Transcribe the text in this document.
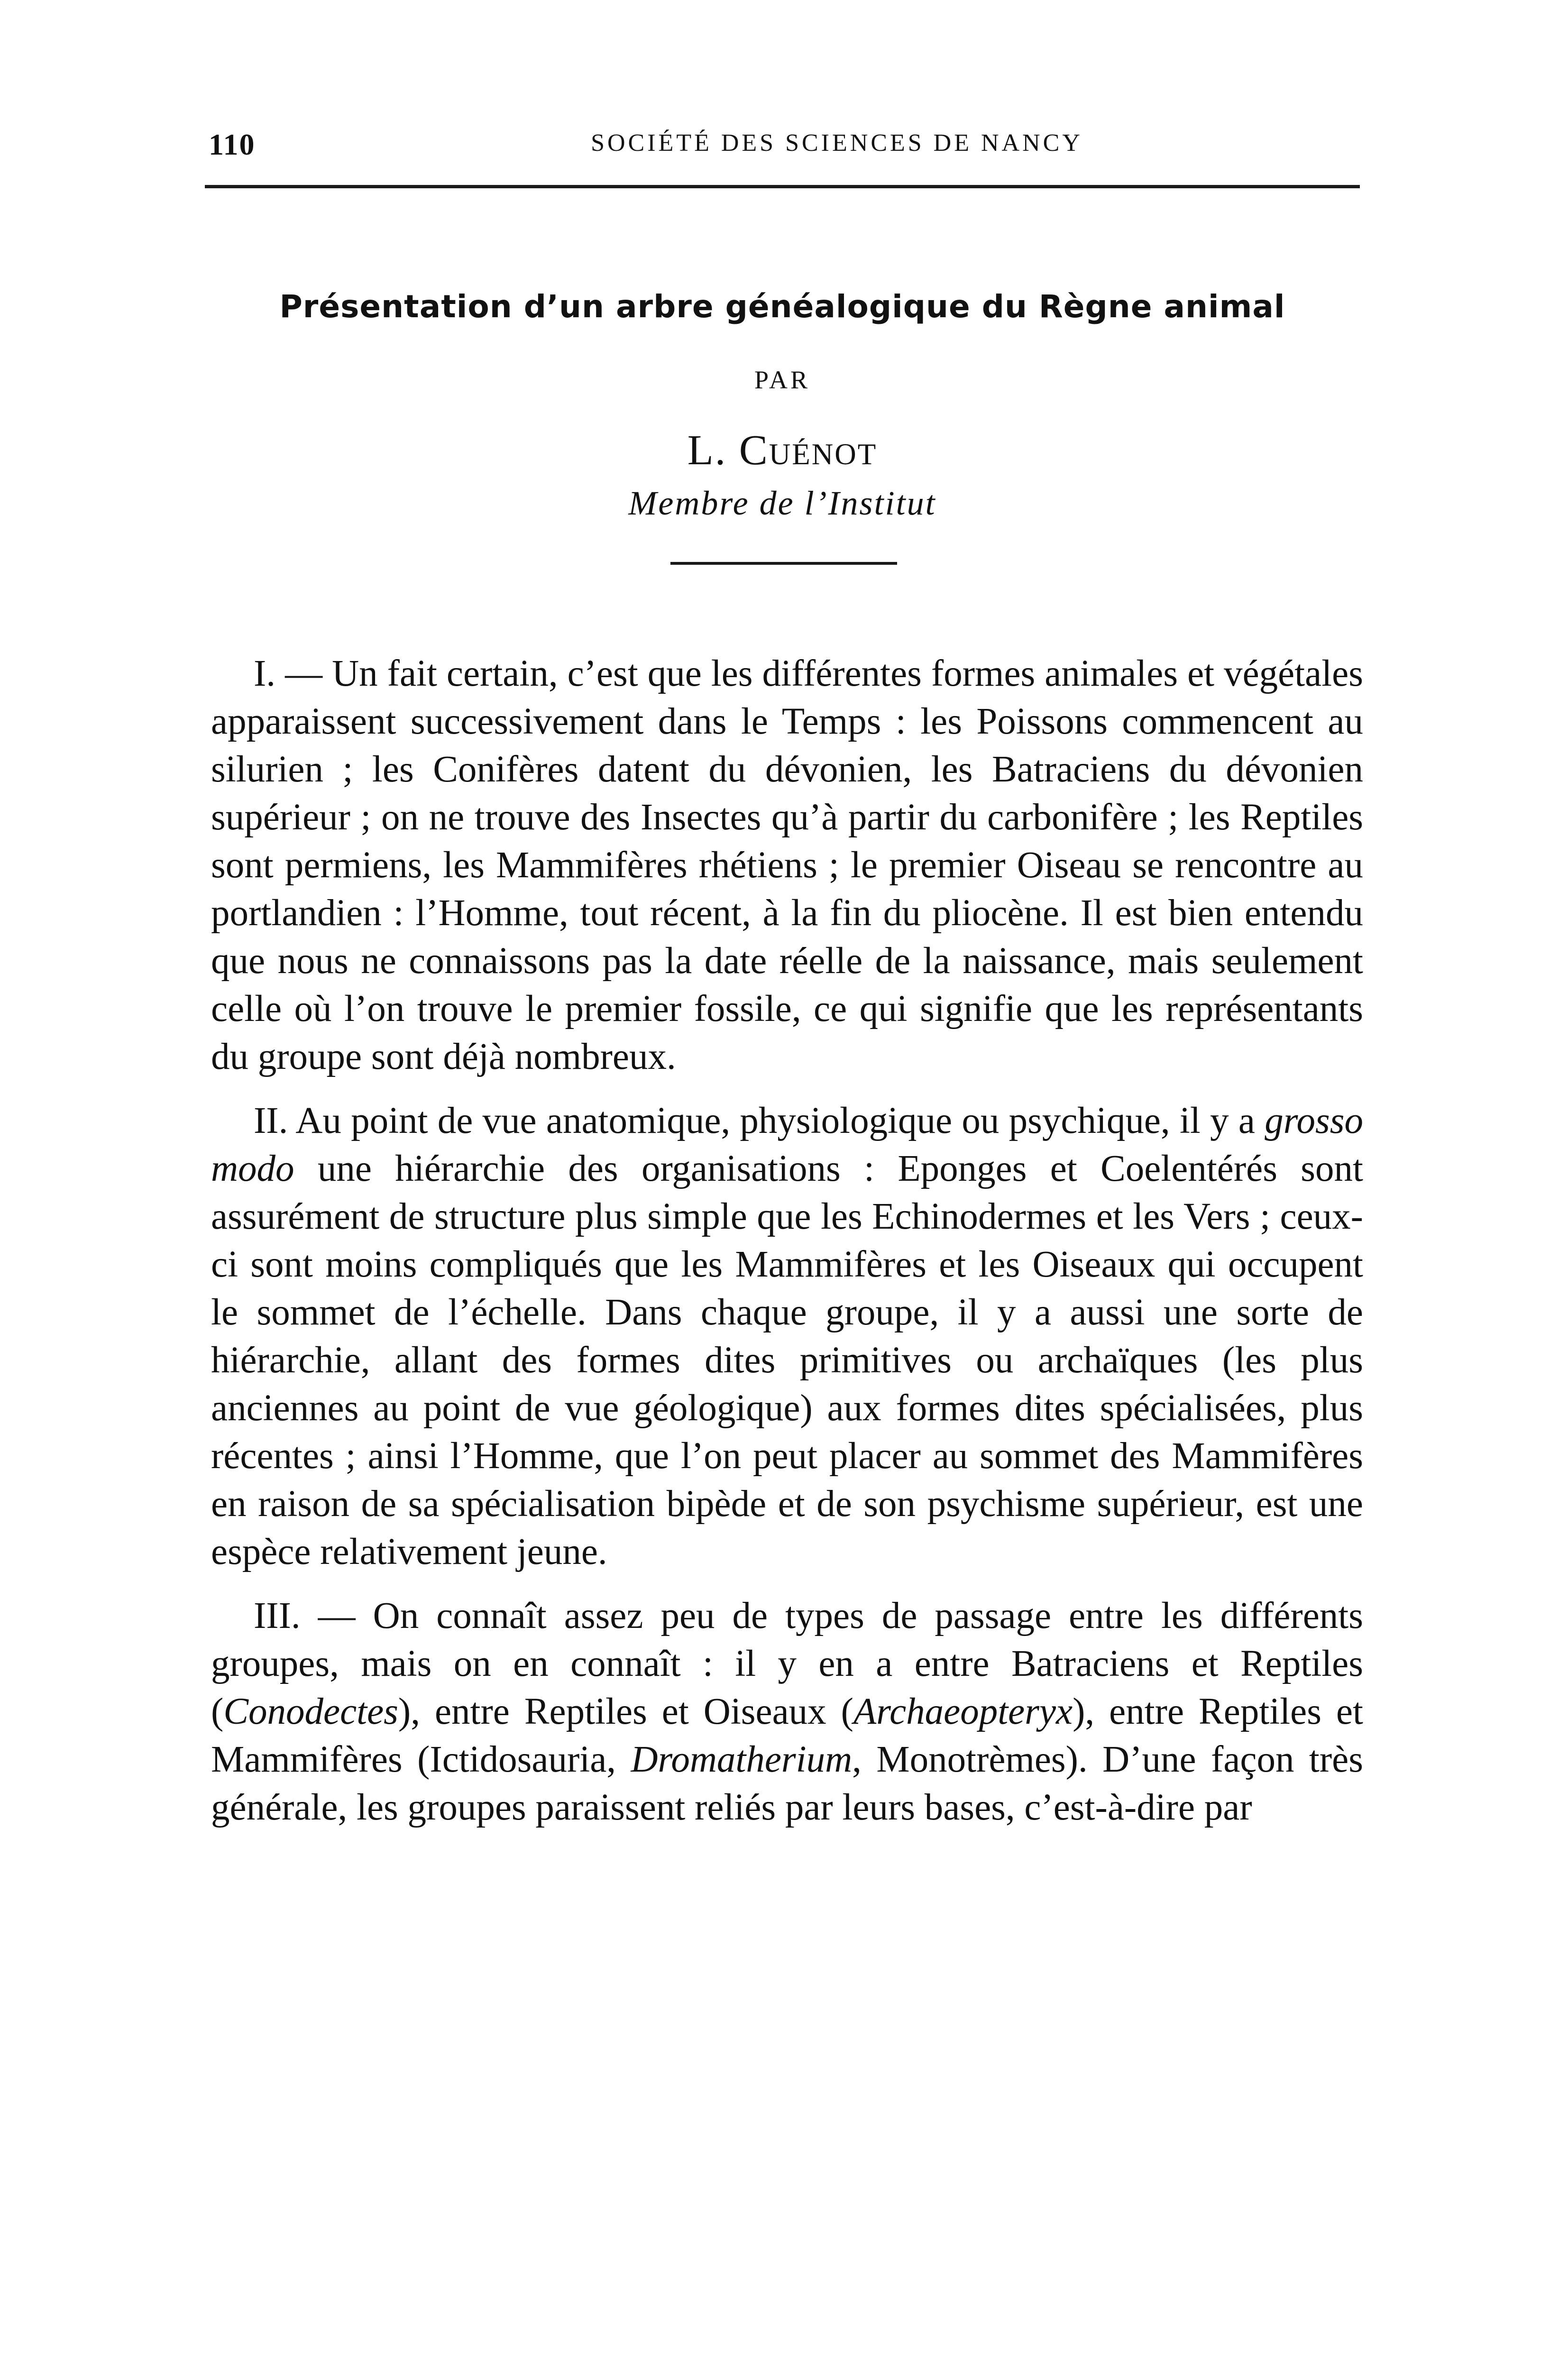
110	SOCIÉTÉ DES SCIENCES DE NANCY
Présentation d’un arbre généalogique du Règne animal
PAR
L. Cuénot
Membre de l’Institut

I. — Un fait certain, c’est que les différentes formes animales et végétales apparaissent successivement dans le Temps : les Poissons commencent au silurien ; les Conifères datent du dévonien, les Batraciens du dévonien supérieur ; on ne trouve des Insectes qu’à partir du carbonifère ; les Reptiles sont permiens, les Mammifères rhétiens ; le premier Oiseau se rencontre au portlandien : l’Homme, tout récent, à la fin du pliocène. Il est bien entendu que nous ne connaissons pas la date réelle de la naissance, mais seulement celle où l’on trouve le premier fossile, ce qui signifie que les représentants du groupe sont déjà nombreux.

II. Au point de vue anatomique, physiologique ou psychique, il y a grosso modo une hiérarchie des organisations : Eponges et Coelentérés sont assurément de structure plus simple que les Echinodermes et les Vers ; ceux-ci sont moins compliqués que les Mammifères et les Oiseaux qui occupent le sommet de l’échelle. Dans chaque groupe, il y a aussi une sorte de hiérarchie, allant des formes dites primitives ou archaïques (les plus anciennes au point de vue géologique) aux formes dites spécialisées, plus récentes ; ainsi l’Homme, que l’on peut placer au sommet des Mammifères en raison de sa spécialisation bipède et de son psychisme supérieur, est une espèce relativement jeune.

III. — On connaît assez peu de types de passage entre les différents groupes, mais on en connaît : il y en a entre Batraciens et Reptiles (Conodectes), entre Reptiles et Oiseaux (Archaeopteryx), entre Reptiles et Mammifères (Ictidosauria, Dromatherium, Monotrèmes). D’une façon très générale, les groupes paraissent reliés par leurs bases, c’est-à-dire par
